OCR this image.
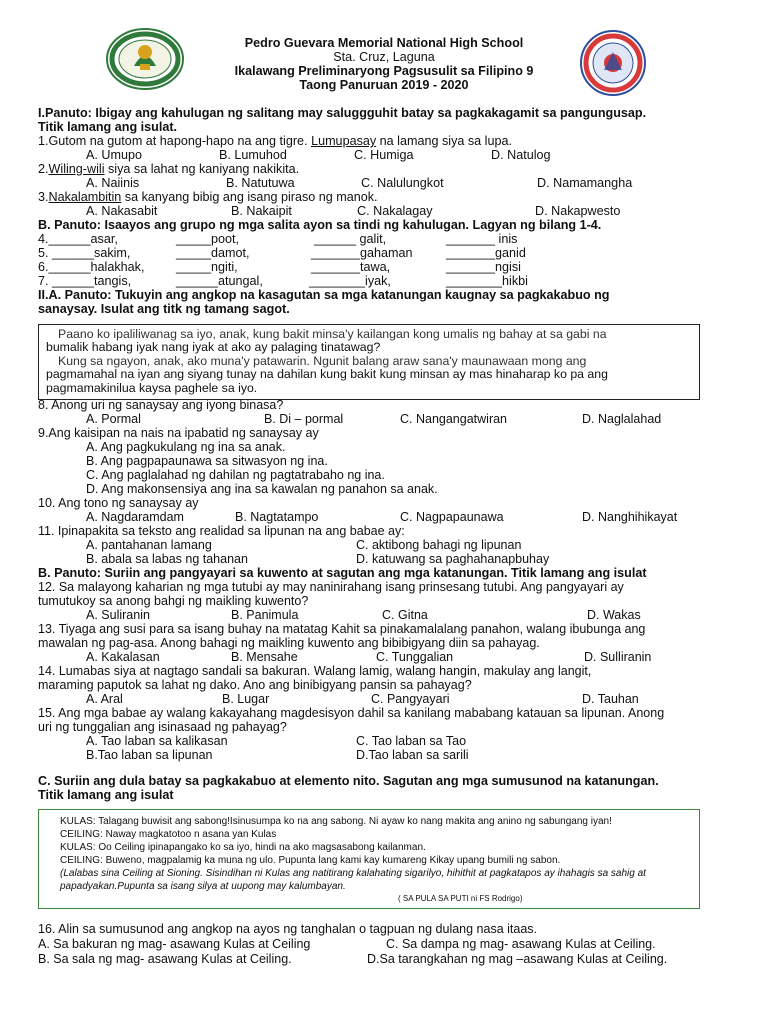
Pedro Guevara Memorial National High School
Sta. Cruz, Laguna
Ikalawang Preliminaryong Pagsusulit sa Filipino 9
Taong Panuruan 2019 - 2020
I.Panuto: Ibigay ang kahulugan ng salitang may saluggguhit batay sa pagkakagamit sa pangungusap.
Titik lamang ang isulat.
1.Gutom na gutom at hapong-hapo na ang tigre. Lumupasay na lamang siya sa lupa.
A. Umupo	B. Lumuhod	C. Humiga	D. Natulog
2.Wiling-wili siya sa lahat ng kaniyang nakikita.
A. Naiinis	B. Natutuwa	C. Nalulungkot	D. Namamangha
3.Nakalambitin sa kanyang bibig ang isang piraso ng manok.
A. Nakasabit	B. Nakaipit	C. Nakalagay	D. Nakapwesto
B. Panuto: Isaayos ang grupo ng mga salita ayon sa tindi ng kahulugan. Lagyan ng bilang 1-4.
4.______asar,	_____poot,	______ galit,	_______ inis
5. ______sakim,	_____damot,	_______gahaman	_______ganid
6.______halakhak,	_____ngiti,	_______tawa,	_______ngisi
7. ______tangis,	______atungal,	________iyak,	________hikbi
II.A. Panuto: Tukuyin ang angkop na kasagutan sa mga katanungan kaugnay sa pagkakabuo ng
sanaysay. Isulat ang titk ng tamang sagot.
Paano ko ipaliliwanag sa iyo, anak, kung bakit minsa'y kailangan kong umalis ng bahay at sa gabi na
bumalik habang iyak nang iyak at ako ay palaging tinatawag?
Kung sa ngayon, anak, ako muna'y patawarin. Ngunit balang araw sana'y maunawaan mong ang
pagmamahal na iyan ang siyang tunay na dahilan kung bakit kung minsan ay mas hinaharap ko pa ang
pagmamakinilua kaysa paghele sa iyo.
8. Anong uri ng sanaysay ang iyong binasa?
A. Pormal	B. Di – pormal	C. Nangangatwiran	D. Naglalahad
9.Ang kaisipan na nais na ipabatid ng sanaysay ay
A. Ang pagkukulang ng ina sa anak.
B. Ang pagpapaunawa sa sitwasyon ng ina.
C. Ang paglalahad ng dahilan ng pagtatrabaho ng ina.
D. Ang makonsensiya ang ina sa kawalan ng panahon sa anak.
10. Ang tono ng sanaysay ay
A. Nagdaramdam	B. Nagtatampo	C. Nagpapaunawa	D. Nanghihikayat
11. Ipinapakita sa teksto ang realidad sa lipunan na ang babae ay:
A. pantahanan lamang	C. aktibong bahagi ng lipunan
B. abala sa labas ng tahanan	D. katuwang sa paghahanapbuhay
B. Panuto: Suriin ang pangyayari sa kuwento at sagutan ang mga katanungan. Titik lamang ang isulat
12. Sa malayong kaharian ng mga tutubi ay may naninirahang isang prinsesang tutubi. Ang pangyayari ay
tumutukoy sa anong bahgi ng maikling kuwento?
A. Suliranin	B. Panimula	C. Gitna	D. Wakas
13. Tiyaga ang susi para sa isang buhay na matatag Kahit sa pinakamalalang panahon, walang ibubunga ang
mawalan ng pag-asa. Anong bahagi ng maikling kuwento ang bibibigyang diin sa pahayag.
A. Kakalasan	B. Mensahe	C. Tunggalian	D. Sulliranin
14. Lumabas siya at nagtago sandali sa bakuran. Walang lamig, walang hangin, makulay ang langit,
maraming paputok sa lahat ng dako. Ano ang binibigyang pansin sa pahayag?
A. Aral	B. Lugar	C. Pangyayari	D. Tauhan
15. Ang mga babae ay walang kakayahang magdesisyon dahil sa kanilang mababang katauan sa lipunan. Anong
uri ng tunggalian ang isinasaad ng pahayag?
A. Tao laban sa kalikasan	C. Tao laban sa Tao
B.Tao laban sa lipunan	D.Tao laban sa sarili
C. Suriin ang dula batay sa pagkakabuo at elemento nito. Sagutan ang mga sumusunod na katanungan.
Titik lamang ang isulat
KULAS: Talagang buwisit ang sabong!Isinusumpa ko na ang sabong. Ni ayaw ko nang makita ang anino ng sabungang iyan!
CEILING: Naway magkatotoo n asana yan Kulas
KULAS: Oo Ceiling ipinapangako ko sa iyo, hindi na ako magsasabong kailanman.
CEILING: Buweno, magpalamig ka muna ng ulo. Pupunta lang kami kay kumareng Kikay upang bumili ng sabon.
(Lalabas sina Ceiling at Sioning. Sisindihan ni Kulas ang natitirang kalahating sigarilyo, hihithit at pagkatapos ay ihahagis sa sahig at
papadyakan.Pupunta sa isang silya at uupong may kalumbayan.
( SA PULA SA PUTI ni FS Rodrigo)
16. Alin sa sumusunod ang angkop na ayos ng tanghalan o tagpuan ng dulang nasa itaas.
A. Sa bakuran ng mag- asawang Kulas at Ceiling	C. Sa dampa ng mag- asawang Kulas at Ceiling.
B. Sa sala ng mag- asawang Kulas at Ceiling.	D.Sa tarangkahan ng mag –asawang Kulas at Ceiling.
